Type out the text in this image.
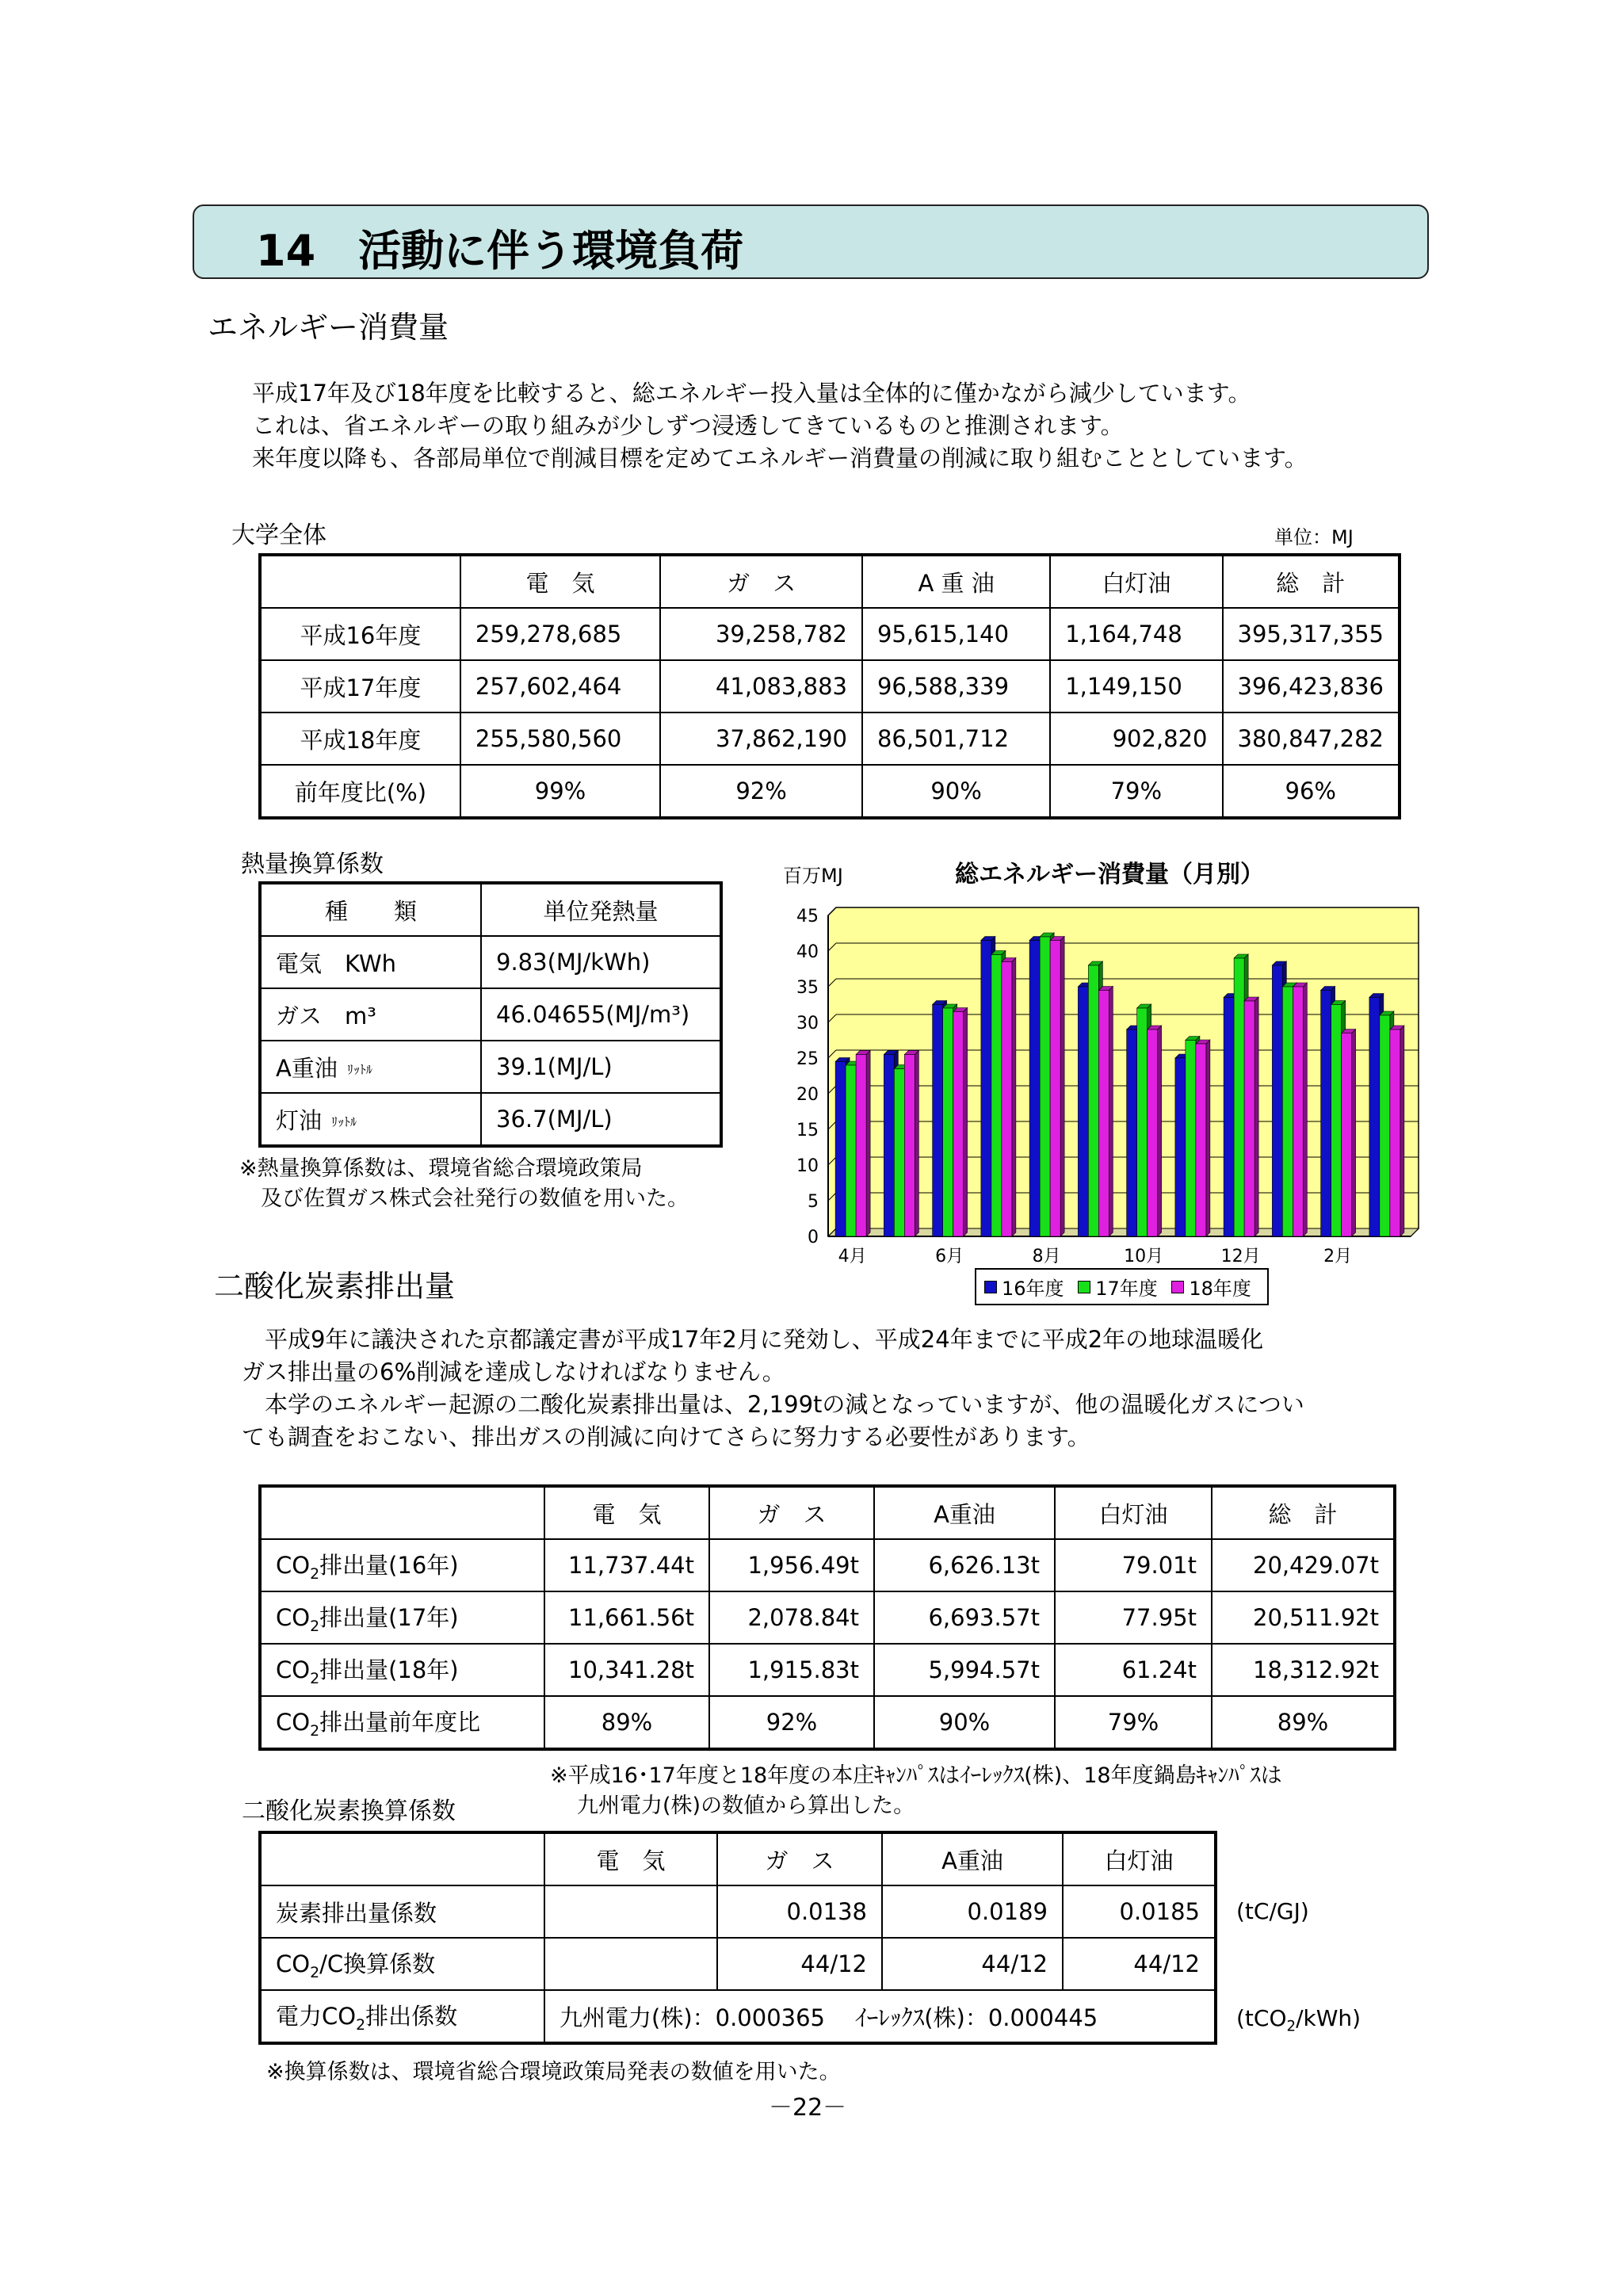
14　活動に伴う環境負荷
エネルギー消費量
平成17年及び18年度を比較すると、総エネルギー投入量は全体的に僅かながら減少しています。
これは、省エネルギーの取り組みが少しずつ浸透してきているものと推測されます。
来年度以降も、各部局単位で削減目標を定めてエネルギー消費量の削減に取り組むこととしています。
大学全体	単位：MJ
	電　気	ガ　ス	A 重 油	白灯油	総　計
平成16年度	259,278,685	39,258,782	95,615,140	1,164,748	395,317,355
平成17年度	257,602,464	41,083,883	96,588,339	1,149,150	396,423,836
平成18年度	255,580,560	37,862,190	86,501,712	902,820	380,847,282
前年度比(%)	99%	92%	90%	79%	96%
熱量換算係数
種　　類	単位発熱量
電気　KWh	9.83(MJ/kWh)
ガス　m³	46.04655(MJ/m³)
A重油 ﾘｯﾄﾙ	39.1(MJ/L)
灯油 ﾘｯﾄﾙ	36.7(MJ/L)
※熱量換算係数は、環境省総合環境政策局
　及び佐賀ガス株式会社発行の数値を用いた。
百万MJ	総エネルギー消費量（月別）
0
5
10
15
20
25
30
35
40
45
4月	6月	8月	10月	12月	2月
16年度
17年度
18年度
二酸化炭素排出量
　平成9年に議決された京都議定書が平成17年2月に発効し、平成24年までに平成2年の地球温暖化
ガス排出量の6%削減を達成しなければなりません。
　本学のエネルギー起源の二酸化炭素排出量は、2,199tの減となっていますが、他の温暖化ガスについ
ても調査をおこない、排出ガスの削減に向けてさらに努力する必要性があります。
	電　気	ガ　ス	A重油	白灯油	総　計
$CO_2$排出量(16年)	11,737.44t	1,956.49t	6,626.13t	79.01t	20,429.07t
$CO_2$排出量(17年)	11,661.56t	2,078.84t	6,693.57t	77.95t	20,511.92t
$CO_2$排出量(18年)	10,341.28t	1,915.83t	5,994.57t	61.24t	18,312.92t
$CO_2$排出量前年度比	89%	92%	90%	79%	89%
※平成16･17年度と18年度の本庄ｷｬﾝﾊﾟｽはｲｰﾚｯｸｽ(株)、18年度鍋島ｷｬﾝﾊﾟｽは
九州電力(株)の数値から算出した。
二酸化炭素換算係数
	電　気	ガ　ス	A重油	白灯油
炭素排出量係数		0.0138	0.0189	0.0185
$CO_2/C$換算係数		44/12	44/12	44/12
電力$CO_2$排出係数	九州電力(株)：0.000365　 ｲｰﾚｯｸｽ(株)：0.000445			
(tC/GJ)
(tCO$_2$/kWh)
※換算係数は、環境省総合環境政策局発表の数値を用いた。
－22－
